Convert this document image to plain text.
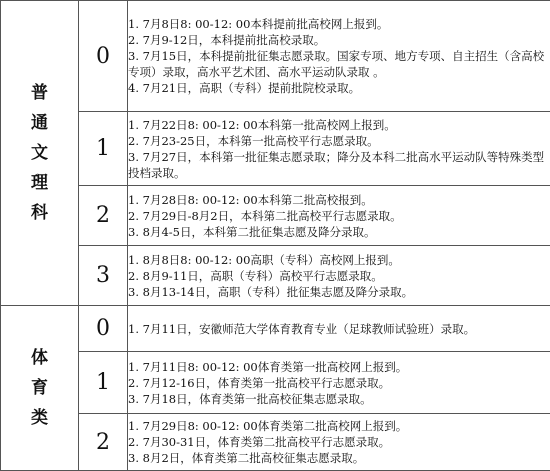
普通文理科	0	1. 7月8日8: 00-12: 00本科提前批高校网上报到。
2. 7月9-12日，本科提前批高校录取。
3. 7月15日，本科提前批征集志愿录取。国家专项、地方专项、自主招生（含高校专项）录取，高水平艺术团、高水平运动队录取 。
4. 7月21日，高职（专科）提前批院校录取。

	1	1. 7月22日8: 00-12: 00本科第一批高校网上报到。
2. 7月23-25日，本科第一批高校平行志愿录取。
3. 7月27日，本科第一批征集志愿录取；降分及本科二批高水平运动队等特殊类型投档录取。

	2	1. 7月28日8: 00-12: 00本科第二批高校报到。
2. 7月29日-8月2日，本科第二批高校平行志愿录取。
3. 8月4-5日，本科第二批征集志愿及降分录取。

	3	1. 8月8日8: 00-12: 00高职（专科）高校网上报到。
2. 8月9-11日，高职（专科）高校平行志愿录取。
3. 8月13-14日，高职（专科）批征集志愿及降分录取。

体育类	0	1. 7月11日，安徽师范大学体育教育专业（足球教师试验班）录取。

	1	1. 7月11日8: 00-12: 00体育类第一批高校网上报到。
2. 7月12-16日，体育类第一批高校平行志愿录取。
3. 7月18日，体育类第一批高校征集志愿录取。

	2	1. 7月29日8: 00-12: 00体育类第二批高校网上报到。
2. 7月30-31日，体育类第二批高校平行志愿录取。
3. 8月2日，体育类第二批高校征集志愿录取。
